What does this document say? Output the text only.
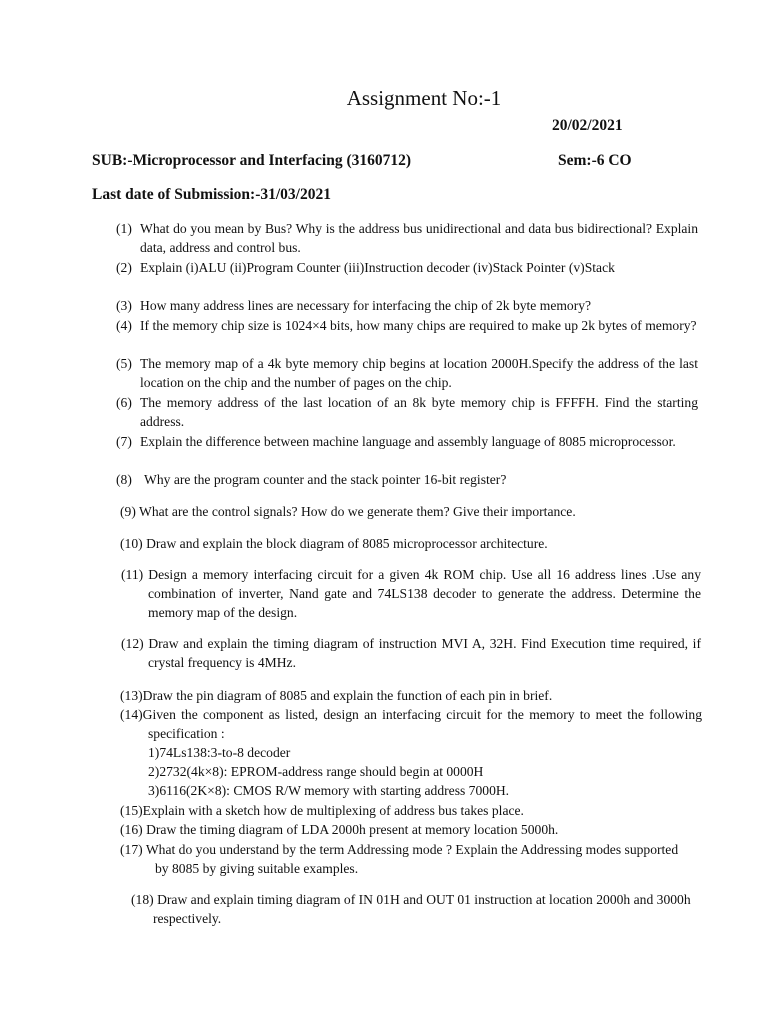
Assignment No:-1
20/02/2021
SUB:-Microprocessor and Interfacing (3160712)	Sem:-6 CO
Last date of Submission:-31/03/2021
(1) What do you mean by Bus? Why is the address bus unidirectional and data bus bidirectional? Explain data, address and control bus.
(2) Explain (i)ALU (ii)Program Counter (iii)Instruction decoder (iv)Stack Pointer (v)Stack
(3) How many address lines are necessary for interfacing the chip of 2k byte memory?
(4) If the memory chip size is 1024×4 bits, how many chips are required to make up 2k bytes of memory?
(5) The memory map of a 4k byte memory chip begins at location 2000H.Specify the address of the last location on the chip and the number of pages on the chip.
(6) The memory address of the last location of an 8k byte memory chip is FFFFH. Find the starting address.
(7) Explain the difference between machine language and assembly language of 8085 microprocessor.
(8) Why are the program counter and the stack pointer 16-bit register?
(9) What are the control signals? How do we generate them? Give their importance.
(10) Draw and explain the block diagram of 8085 microprocessor architecture.
(11) Design a memory interfacing circuit for a given 4k ROM chip. Use all 16 address lines .Use any combination of inverter, Nand gate and 74LS138 decoder to generate the address. Determine the memory map of the design.
(12) Draw and explain the timing diagram of instruction MVI A, 32H. Find Execution time required, if crystal frequency is 4MHz.
(13)Draw the pin diagram of 8085 and explain the function of each pin in brief.
(14)Given the component as listed, design an interfacing circuit for the memory to meet the following specification :
1)74Ls138:3-to-8 decoder
2)2732(4k×8): EPROM-address range should begin at 0000H
3)6116(2K×8): CMOS R/W memory with starting address 7000H.
(15)Explain with a sketch how de multiplexing of address bus takes place.
(16) Draw the timing diagram of LDA 2000h present at memory location 5000h.
(17) What do you understand by the term Addressing mode ? Explain the Addressing modes supported by 8085 by giving suitable examples.
(18) Draw and explain timing diagram of IN 01H and OUT 01 instruction at location 2000h and 3000h respectively.
